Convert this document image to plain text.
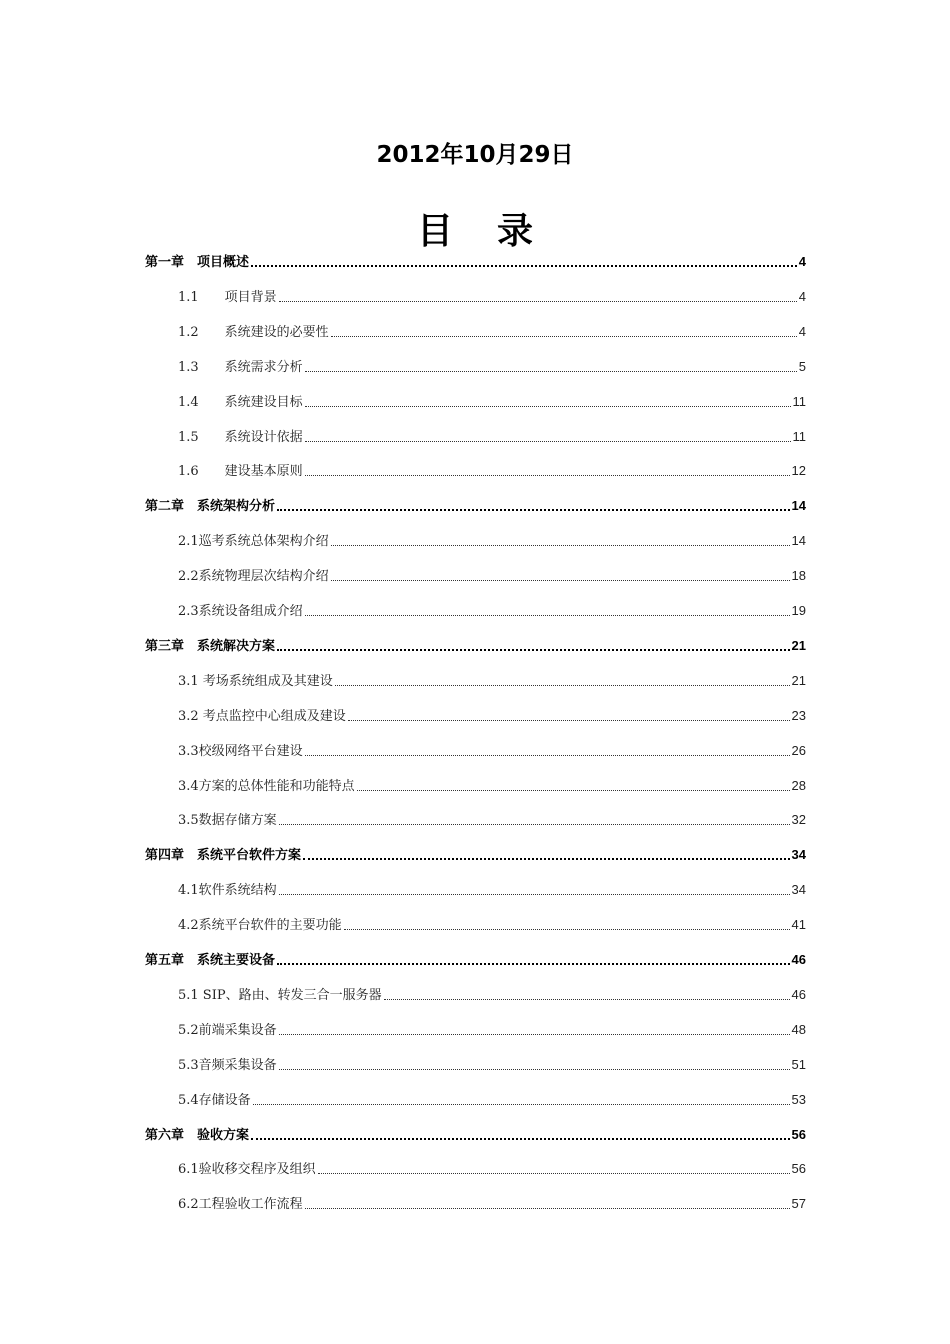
2012年10月29日
目录
第一章　项目概述	4
1.1　　项目背景	4
1.2　　系统建设的必要性	4
1.3　　系统需求分析	5
1.4　　系统建设目标	11
1.5　　系统设计依据	11
1.6　　建设基本原则	12
第二章　系统架构分析	14
2.1巡考系统总体架构介绍	14
2.2系统物理层次结构介绍	18
2.3系统设备组成介绍	19
第三章　系统解决方案	21
3.1 考场系统组成及其建设	21
3.2 考点监控中心组成及建设	23
3.3校级网络平台建设	26
3.4方案的总体性能和功能特点	28
3.5数据存储方案	32
第四章　系统平台软件方案	34
4.1软件系统结构	34
4.2系统平台软件的主要功能	41
第五章　系统主要设备	46
5.1 SIP、路由、转发三合一服务器	46
5.2前端采集设备	48
5.3音频采集设备	51
5.4存储设备	53
第六章　验收方案	56
6.1验收移交程序及组织	56
6.2工程验收工作流程	57
